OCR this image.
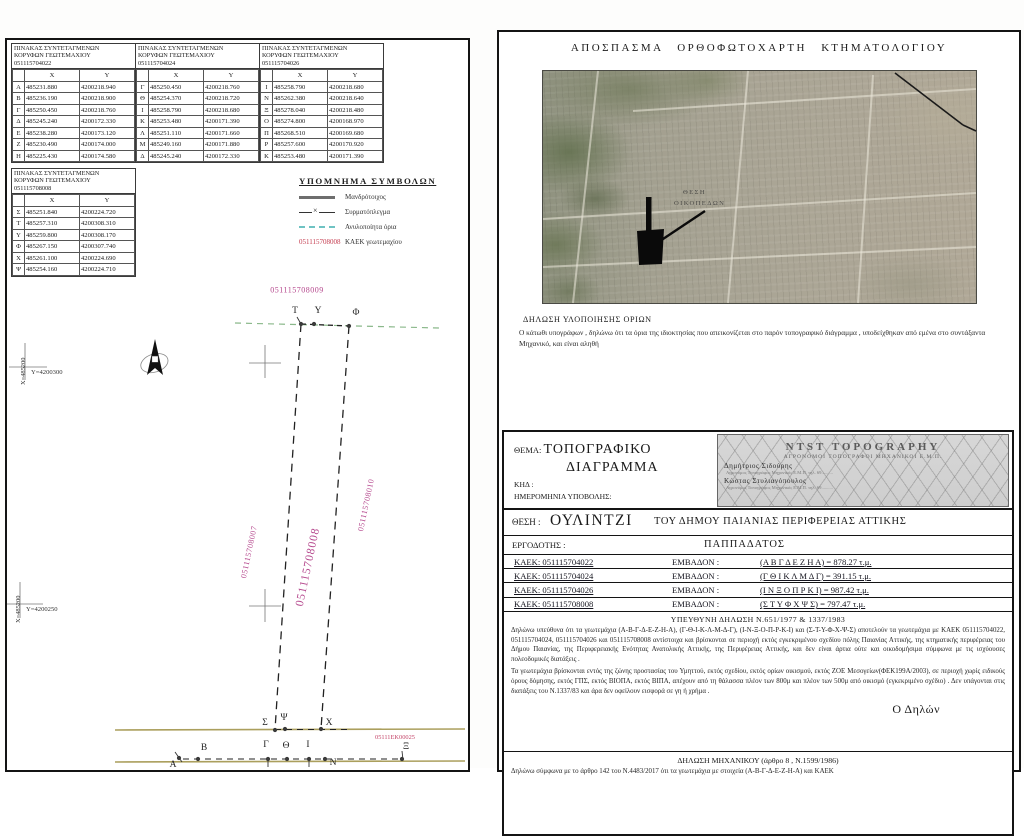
ΠΙΝΑΚΑΣ ΣΥΝΤΕΤΑΓΜΕΝΩΝ
ΚΟΡΥΦΩΝ ΓΕΩΤΕΜΑΧΙΟΥ
051115704022
	X	Y
Α	485231.880	4200218.940
Β	485236.190	4200218.900
Γ	485250.450	4200218.760
Δ	485245.240	4200172.330
Ε	485238.280	4200173.120
Ζ	485230.490	4200174.000
Η	485225.430	4200174.580
ΠΙΝΑΚΑΣ ΣΥΝΤΕΤΑΓΜΕΝΩΝ
ΚΟΡΥΦΩΝ ΓΕΩΤΕΜΑΧΙΟΥ
051115704024
	X	Y
Γ	485250.450	4200218.760
Θ	485254.370	4200218.720
Ι	485258.790	4200218.680
Κ	485253.480	4200171.390
Λ	485251.110	4200171.660
Μ	485249.160	4200171.880
Δ	485245.240	4200172.330
ΠΙΝΑΚΑΣ ΣΥΝΤΕΤΑΓΜΕΝΩΝ
ΚΟΡΥΦΩΝ ΓΕΩΤΕΜΑΧΙΟΥ
051115704026
	X	Y
Ι	485258.790	4200218.680
Ν	485262.380	4200218.640
Ξ	485278.040	4200218.480
Ο	485274.800	4200168.970
Π	485268.510	4200169.680
Ρ	485257.600	4200170.920
Κ	485253.480	4200171.390
ΠΙΝΑΚΑΣ ΣΥΝΤΕΤΑΓΜΕΝΩΝ
ΚΟΡΥΦΩΝ ΓΕΩΤΕΜΑΧΙΟΥ
051115708008
	X	Y
Σ	485251.840	4200224.720
Τ	485257.310	4200308.310
Υ	485259.800	4200308.170
Φ	485267.150	4200307.740
Χ	485261.100	4200224.690
Ψ	485254.160	4200224.710
ΥΠΟΜΝΗΜΑ ΣΥΜΒΟΛΩΝ
Μανδρότοιχος
×
Συρματόπλεγμα
Ανυλοποίητα όρια
051115708008 ΚΑΕΚ γεωτεμαχίου
X=485200 Y=4200300
X=485200 Y=4200250
051115708009
051115708007	051115708008
051115708010
05111ΕΚ00025
Τ Υ	Φ
Σ Ψ	Χ
Α
Β	Γ Θ Ι
Ν
Ξ
ΑΠΟΣΠΑΣΜΑ ΟΡΘΟΦΩΤΟΧΑΡΤΗ ΚΤΗΜΑΤΟΛΟΓΙΟΥ
ΘΕΣΗ
ΟΙΚΟΠΕΔΩΝ
ΔΗΛΩΣΗ ΥΛΟΠΟΙΗΣΗΣ ΟΡΙΩΝ
Ο κάτωθι υπογράφων , δηλώνω ότι τα όρια της ιδιοκτησίας που απεικονίζεται στο παρόν τοπογραφικό διάγραμμα , υποδείχθηκαν από εμένα στο συντάξαντα Μηχανικό, και είναι αληθή
ΘΕΜΑ: ΤΟΠΟΓΡΑΦΙΚΟ
ΔΙΑΓΡΑΜΜΑ
ΚΗΔ :
ΗΜΕΡΟΜΗΝΙΑ ΥΠΟΒΟΛΗΣ:
NTST TOPOGRAPHY
ΑΓΡΟΝΟΜΟΙ ΤΟΠΟΓΡΑΦΟΙ ΜΗΧΑΝΙΚΟΙ Ε.Μ.Π.
Δημήτριος Σιδούρης
Αγρονόμος Τοπογράφος Μηχανικός Ε.Μ.Π. τηλ. 69..........
Κώστας Στυλιανόπουλος
Αγρονόμος Τοπογράφος Μηχανικός Ε.Μ.Π. τηλ. 69..........
ΘΕΣΗ : ΟΥΛΙΝΤΖΙ ΤΟΥ ΔΗΜΟΥ ΠΑΙΑΝΙΑΣ ΠΕΡΙΦΕΡΕΙΑΣ ΑΤΤΙΚΗΣ
ΕΡΓΟΔΟΤΗΣ :	ΠΑΠΠΑΔΑΤΟΣ
ΚΑΕΚ: 051115704022	ΕΜΒΑΔΟΝ :	(Α Β Γ Δ Ε Ζ Η Α) = 878.27 τ.μ.
ΚΑΕΚ: 051115704024	ΕΜΒΑΔΟΝ :	(Γ Θ Ι Κ Λ Μ Δ Γ) = 391.15 τ.μ.
ΚΑΕΚ: 051115704026	ΕΜΒΑΔΟΝ :	(Ι Ν Ξ Ο Π Ρ Κ Ι) = 987.42 τ.μ.
ΚΑΕΚ: 051115708008	ΕΜΒΑΔΟΝ :	(Σ Τ Υ Φ Χ Ψ Σ) = 797.47 τ.μ.
ΥΠΕΥΘΥΝΗ ΔΗΛΩΣΗ Ν.651/1977 & 1337/1983

Δηλώνω υπεύθυνα ότι τα γεωτεμάχια (Α-Β-Γ-Δ-Ε-Ζ-Η-Α), (Γ-Θ-Ι-Κ-Λ-Μ-Δ-Γ), (Ι-Ν-Ξ-Ο-Π-Ρ-Κ-Ι) και (Σ-Τ-Υ-Φ-Χ-Ψ-Σ) αποτελούν τα γεωτεμάχια με ΚΑΕΚ 051115704022, 051115704024, 051115704026 και 051115708008 αντίστοιχα και βρίσκονται σε περιοχή εκτός εγκεκριμένου σχεδίου πόλης Παιανίας Αττικής, της κτηματικής περιφέρειας του Δήμου Παιανίας, της Περιφερειακής Ενότητας Ανατολικής Αττικής, της Περιφέρειας Αττικής, και δεν είναι άρτια ούτε και οικοδομήσιμα σύμφωνα με τις ισχύουσες πολεοδομικές διατάξεις .

Τα γεωτεμάχια βρίσκονται εντός της ζώνης προστασίας του Υμηττού, εκτός σχεδίου, εκτός ορίων οικισμού, εκτός ΖΟΕ Μεσογείων(ΦΕΚ199Α/2003), σε περιοχή χωρίς ειδικούς όρους δόμησης, εκτός ΓΠΣ, εκτός ΒΙΟΠΑ, εκτός ΒΙΠΑ, απέχουν από τη θάλασσα πλέον των 800μ και πλέον των 500μ από οικισμό (εγκεκριμένο σχέδιο) . Δεν υπάγονται στις διατάξεις του Ν.1337/83 και άρα δεν οφείλουν εισφορά σε γη ή χρήμα .

Ο Δηλών
ΔΗΛΩΣΗ ΜΗΧΑΝΙΚΟΥ (άρθρο 8 , Ν.1599/1986)

Δηλώνω σύμφωνα με το άρθρο 142 του Ν.4483/2017 ότι τα γεωτεμάχια με στοιχεία (Α-Β-Γ-Δ-Ε-Ζ-Η-Α) και ΚΑΕΚ
